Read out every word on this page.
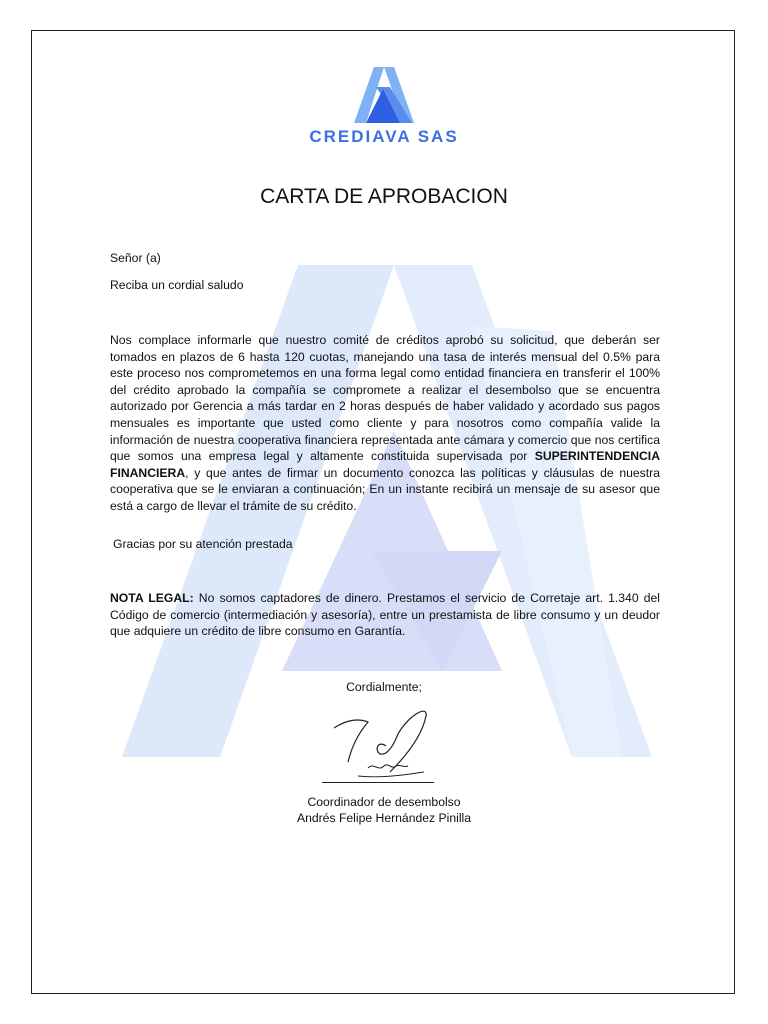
CREDIAVA SAS
CARTA DE APROBACION
Señor (a)
Reciba un cordial saludo
Nos complace informarle que nuestro comité de créditos aprobó su solicitud, que deberán ser tomados en plazos de 6 hasta 120 cuotas, manejando una tasa de interés mensual del 0.5% para este proceso nos comprometemos en una forma legal como entidad financiera en transferir el 100% del crédito aprobado la compañía se compromete a realizar el desembolso que se encuentra autorizado por Gerencia a más tardar en 2 horas después de haber validado y acordado sus pagos mensuales es importante que usted como cliente y para nosotros como compañía valide la información de nuestra cooperativa financiera representada ante cámara y comercio que nos certifica que somos una empresa legal y altamente constituida supervisada por SUPERINTENDENCIA FINANCIERA, y que antes de firmar un documento conozca las políticas y cláusulas de nuestra cooperativa que se le enviaran a continuación; En un instante recibirá un mensaje de su asesor que está a cargo de llevar el trámite de su crédito.
Gracias por su atención prestada
NOTA LEGAL: No somos captadores de dinero. Prestamos el servicio de Corretaje art. 1.340 del Código de comercio (intermediación y asesoría), entre un prestamista de libre consumo y un deudor que adquiere un crédito de libre consumo en Garantía.
Cordialmente;
Coordinador de desembolso
Andrés Felipe Hernández Pinilla
